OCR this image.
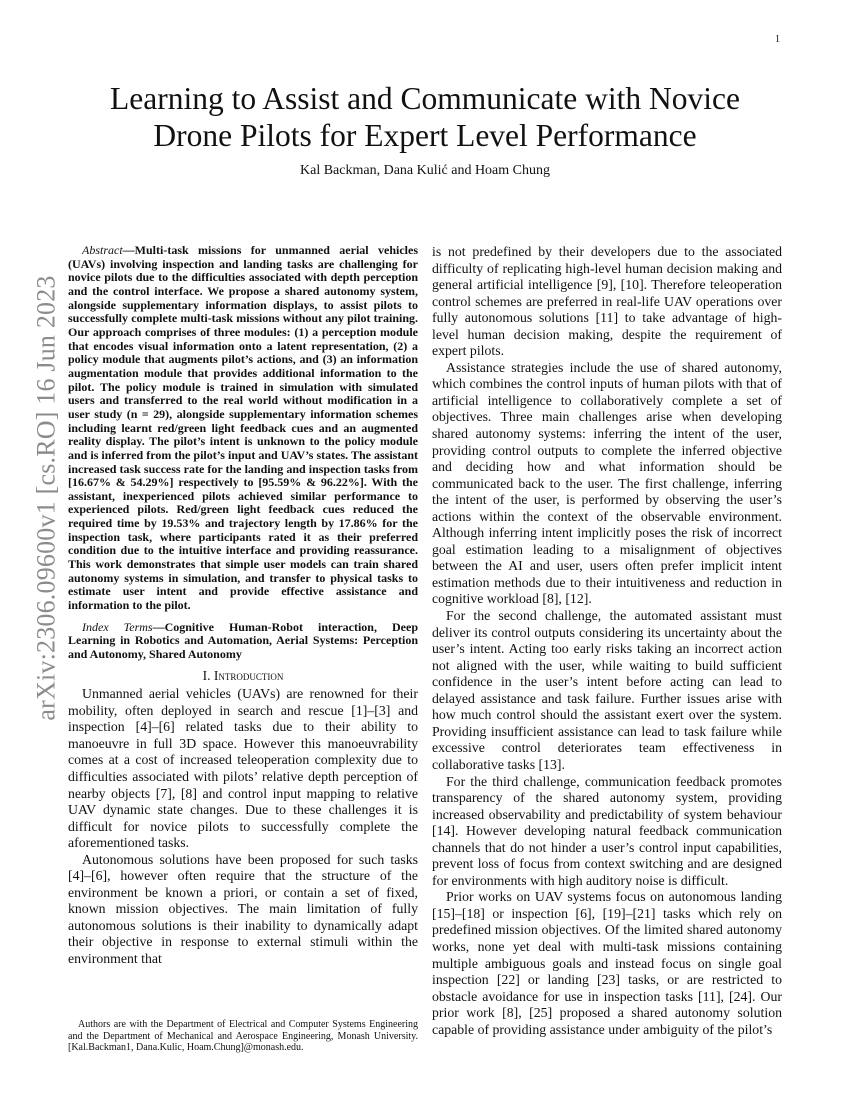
1
arXiv:2306.09600v1 [cs.RO] 16 Jun 2023
Learning to Assist and Communicate with Novice
Drone Pilots for Expert Level Performance
Kal Backman, Dana Kulić and Hoam Chung

Abstract—Multi-task missions for unmanned aerial vehicles (UAVs) involving inspection and landing tasks are challenging for novice pilots due to the difficulties associated with depth perception and the control interface. We propose a shared autonomy system, alongside supplementary information displays, to assist pilots to successfully complete multi-task missions without any pilot training. Our approach comprises of three modules: (1) a perception module that encodes visual information onto a latent representation, (2) a policy module that augments pilot’s actions, and (3) an information augmentation module that provides additional information to the pilot. The policy module is trained in simulation with simulated users and transferred to the real world without modification in a user study (n = 29), alongside supplementary information schemes including learnt red/green light feedback cues and an augmented reality display. The pilot’s intent is unknown to the policy module and is inferred from the pilot’s input and UAV’s states. The assistant increased task success rate for the landing and inspection tasks from [16.67% & 54.29%] respectively to [95.59% & 96.22%]. With the assistant, inexperienced pilots achieved similar performance to experienced pilots. Red/green light feedback cues reduced the required time by 19.53% and trajectory length by 17.86% for the inspection task, where participants rated it as their preferred condition due to the intuitive interface and providing reassurance. This work demonstrates that simple user models can train shared autonomy systems in simulation, and transfer to physical tasks to estimate user intent and provide effective assistance and information to the pilot.

Index Terms—Cognitive Human-Robot interaction, Deep Learning in Robotics and Automation, Aerial Systems: Perception and Autonomy, Shared Autonomy

I. Introduction

Unmanned aerial vehicles (UAVs) are renowned for their mobility, often deployed in search and rescue [1]–[3] and inspection [4]–[6] related tasks due to their ability to manoeuvre in full 3D space. However this manoeuvrability comes at a cost of increased teleoperation complexity due to difficulties associated with pilots’ relative depth perception of nearby objects [7], [8] and control input mapping to relative UAV dynamic state changes. Due to these challenges it is difficult for novice pilots to successfully complete the aforementioned tasks.

Autonomous solutions have been proposed for such tasks [4]–[6], however often require that the structure of the environment be known a priori, or contain a set of fixed, known mission objectives. The main limitation of fully autonomous solutions is their inability to dynamically adapt their objective in response to external stimuli within the environment that

Authors are with the Department of Electrical and Computer Systems Engineering and the Department of Mechanical and Aerospace Engineering, Monash University. [Kal.Backman1, Dana.Kulic, Hoam.Chung]@monash.edu.

is not predefined by their developers due to the associated difficulty of replicating high-level human decision making and general artificial intelligence [9], [10]. Therefore teleoperation control schemes are preferred in real-life UAV operations over fully autonomous solutions [11] to take advantage of high-level human decision making, despite the requirement of expert pilots.

Assistance strategies include the use of shared autonomy, which combines the control inputs of human pilots with that of artificial intelligence to collaboratively complete a set of objectives. Three main challenges arise when developing shared autonomy systems: inferring the intent of the user, providing control outputs to complete the inferred objective and deciding how and what information should be communicated back to the user. The first challenge, inferring the intent of the user, is performed by observing the user’s actions within the context of the observable environment. Although inferring intent implicitly poses the risk of incorrect goal estimation leading to a misalignment of objectives between the AI and user, users often prefer implicit intent estimation methods due to their intuitiveness and reduction in cognitive workload [8], [12].

For the second challenge, the automated assistant must deliver its control outputs considering its uncertainty about the user’s intent. Acting too early risks taking an incorrect action not aligned with the user, while waiting to build sufficient confidence in the user’s intent before acting can lead to delayed assistance and task failure. Further issues arise with how much control should the assistant exert over the system. Providing insufficient assistance can lead to task failure while excessive control deteriorates team effectiveness in collaborative tasks [13].

For the third challenge, communication feedback promotes transparency of the shared autonomy system, providing increased observability and predictability of system behaviour [14]. However developing natural feedback communication channels that do not hinder a user’s control input capabilities, prevent loss of focus from context switching and are designed for environments with high auditory noise is difficult.

Prior works on UAV systems focus on autonomous landing [15]–[18] or inspection [6], [19]–[21] tasks which rely on predefined mission objectives. Of the limited shared autonomy works, none yet deal with multi-task missions containing multiple ambiguous goals and instead focus on single goal inspection [22] or landing [23] tasks, or are restricted to obstacle avoidance for use in inspection tasks [11], [24]. Our prior work [8], [25] proposed a shared autonomy solution capable of providing assistance under ambiguity of the pilot’s
